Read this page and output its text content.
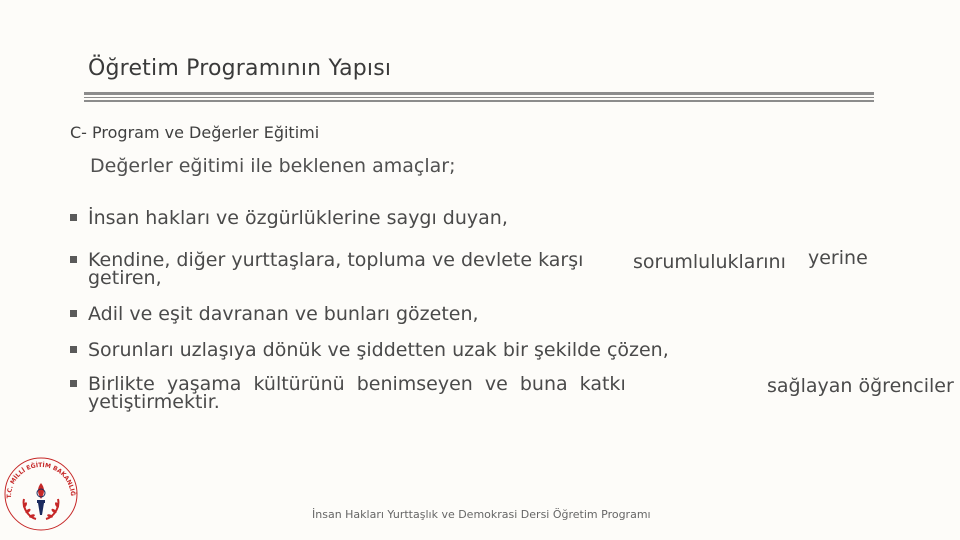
Öğretim Programının Yapısı
C- Program ve Değerler Eğitimi
Değerler eğitimi ile beklenen amaçlar;
İnsan hakları ve özgürlüklerine saygı duyan,
Kendine, diğer yurttaşlara, topluma ve devlete karşı	sorumluluklarını yerine
getiren,
Adil ve eşit davranan ve bunları gözeten,
Sorunları uzlaşıya dönük ve şiddetten uzak bir şekilde çözen,
Birlikte yaşama kültürünü benimseyen ve buna katkı	sağlayan öğrenciler
yetiştirmektir.
İnsan Hakları Yurttaşlık ve Demokrasi Dersi Öğretim Programı
T.C. MİLLÎ EĞİTİM BAKANLIĞ
